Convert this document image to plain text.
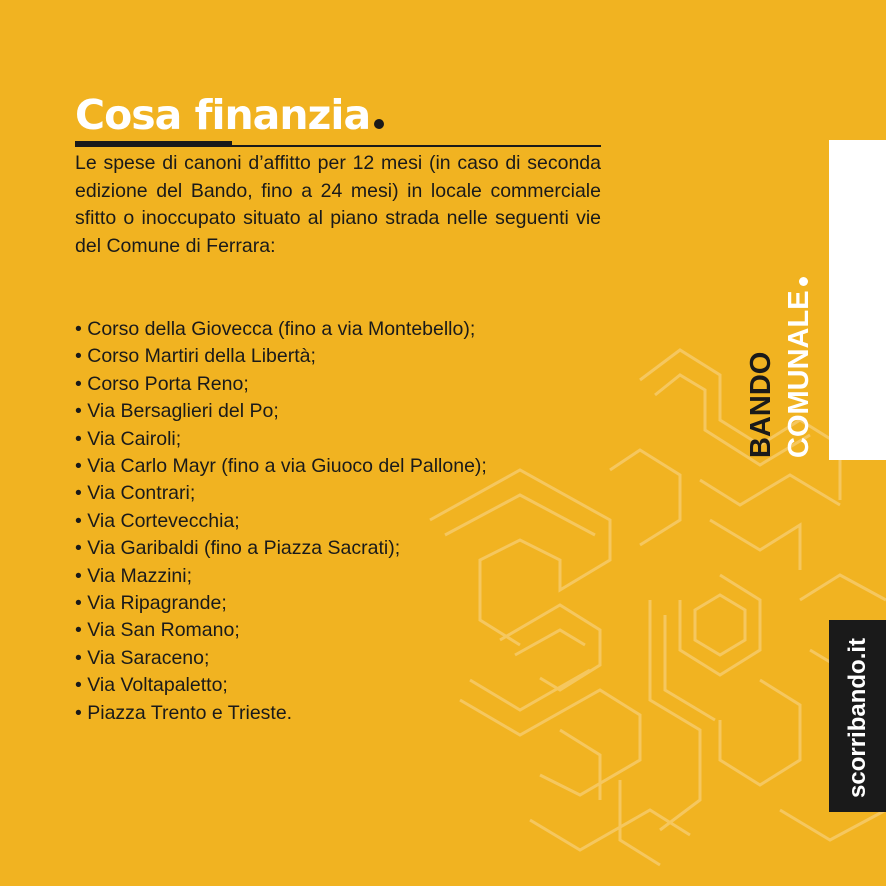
Cosa finanzia

Le spese di canoni d’affitto per 12 mesi (in caso di seconda edizione del Bando, fino a 24 mesi) in locale commerciale sfitto o inoccupato situato al piano strada nelle seguenti vie del Comune di Ferrara:

• Corso della Giovecca (fino a via Montebello);
• Corso Martiri della Libertà;
• Corso Porta Reno;
• Via Bersaglieri del Po;
• Via Cairoli;
• Via Carlo Mayr (fino a via Giuoco del Pallone);
• Via Contrari;
• Via Cortevecchia;
• Via Garibaldi (fino a Piazza Sacrati);
• Via Mazzini;
• Via Ripagrande;
• Via San Romano;
• Via Saraceno;
• Via Voltapaletto;
• Piazza Trento e Trieste.
BANDO COMUNALE
scorribando.it
